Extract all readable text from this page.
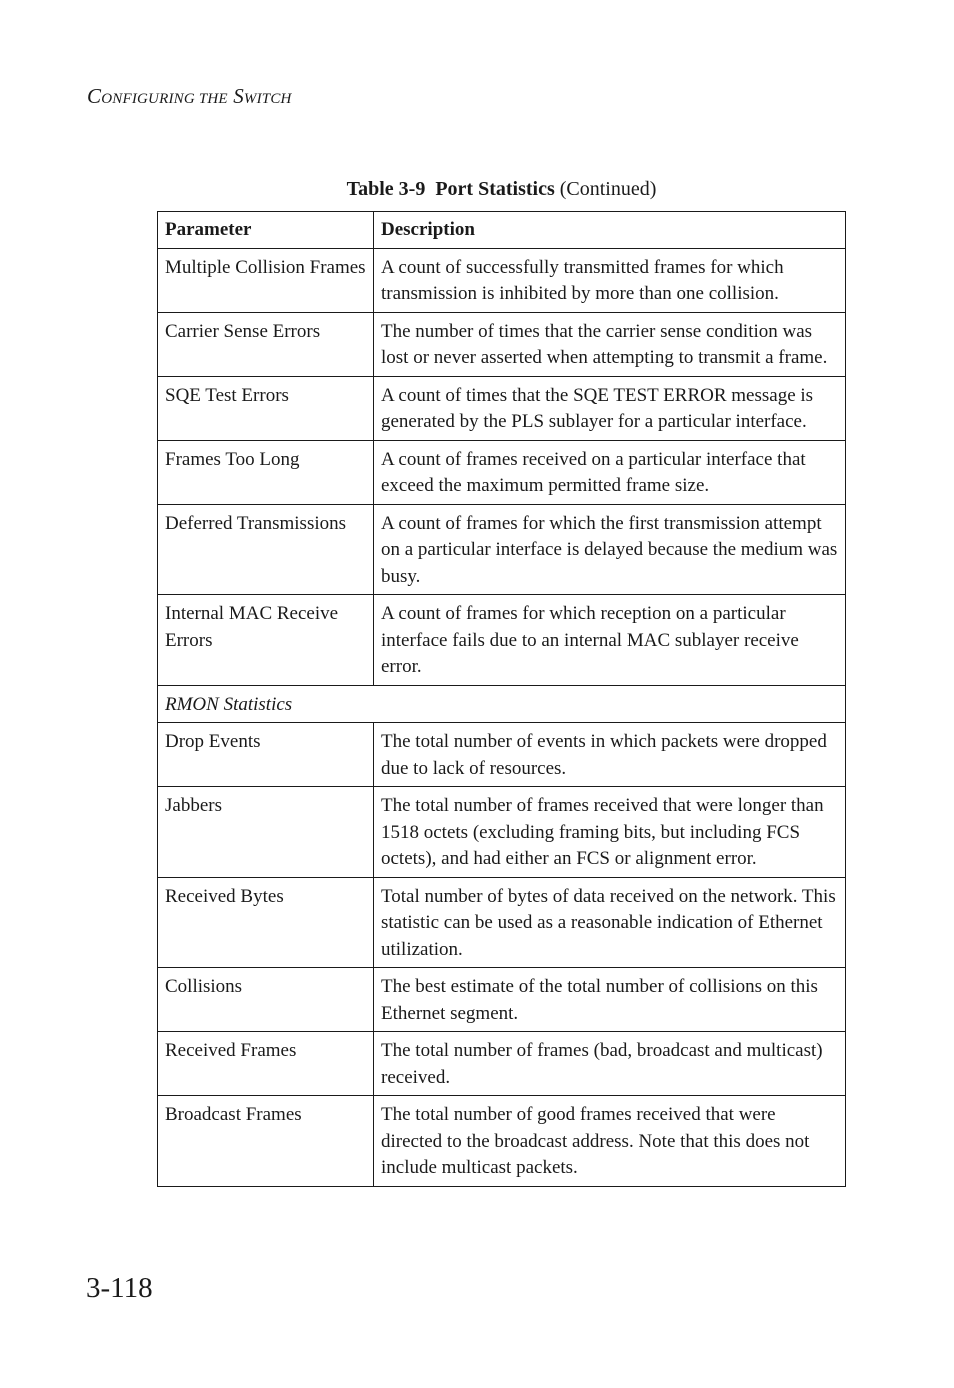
CONFIGURING THE SWITCH
Table 3-9 Port Statistics (Continued)
Parameter	Description
Multiple Collision Frames	A count of successfully transmitted frames for which transmission is inhibited by more than one collision.
Carrier Sense Errors	The number of times that the carrier sense condition was lost or never asserted when attempting to transmit a frame.
SQE Test Errors	A count of times that the SQE TEST ERROR message is generated by the PLS sublayer for a particular interface.
Frames Too Long	A count of frames received on a particular interface that exceed the maximum permitted frame size.
Deferred Transmissions	A count of frames for which the first transmission attempt on a particular interface is delayed because the medium was busy.
Internal MAC Receive Errors	A count of frames for which reception on a particular interface fails due to an internal MAC sublayer receive error.
RMON Statistics	
Drop Events	The total number of events in which packets were dropped due to lack of resources.
Jabbers	The total number of frames received that were longer than 1518 octets (excluding framing bits, but including FCS octets), and had either an FCS or alignment error.
Received Bytes	Total number of bytes of data received on the network. This statistic can be used as a reasonable indication of Ethernet utilization.
Collisions	The best estimate of the total number of collisions on this Ethernet segment.
Received Frames	The total number of frames (bad, broadcast and multicast) received.
Broadcast Frames	The total number of good frames received that were directed to the broadcast address. Note that this does not include multicast packets.
3-118
